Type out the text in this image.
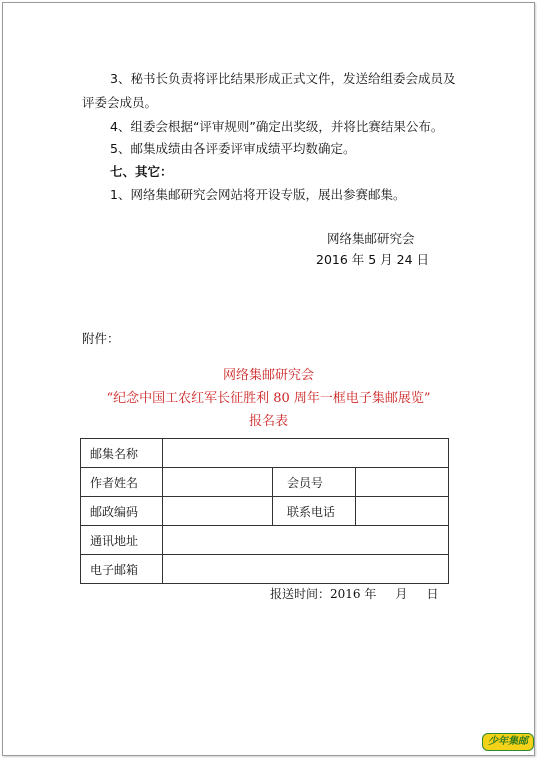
3、秘书长负责将评比结果形成正式文件，发送给组委会成员及
评委会成员。
4、组委会根据“评审规则”确定出奖级，并将比赛结果公布。
5、邮集成绩由各评委评审成绩平均数确定。
七、其它：
1、网络集邮研究会网站将开设专版，展出参赛邮集。
网络集邮研究会
2016 年 5 月 24 日
附件：
网络集邮研究会
“纪念中国工农红军长征胜利 80 周年一框电子集邮展览”
报名表
邮集名称			
作者姓名		会员号	
邮政编码		联系电话	
通讯地址			
电子邮箱			
报送时间：2016 年     月     日
少年集邮
